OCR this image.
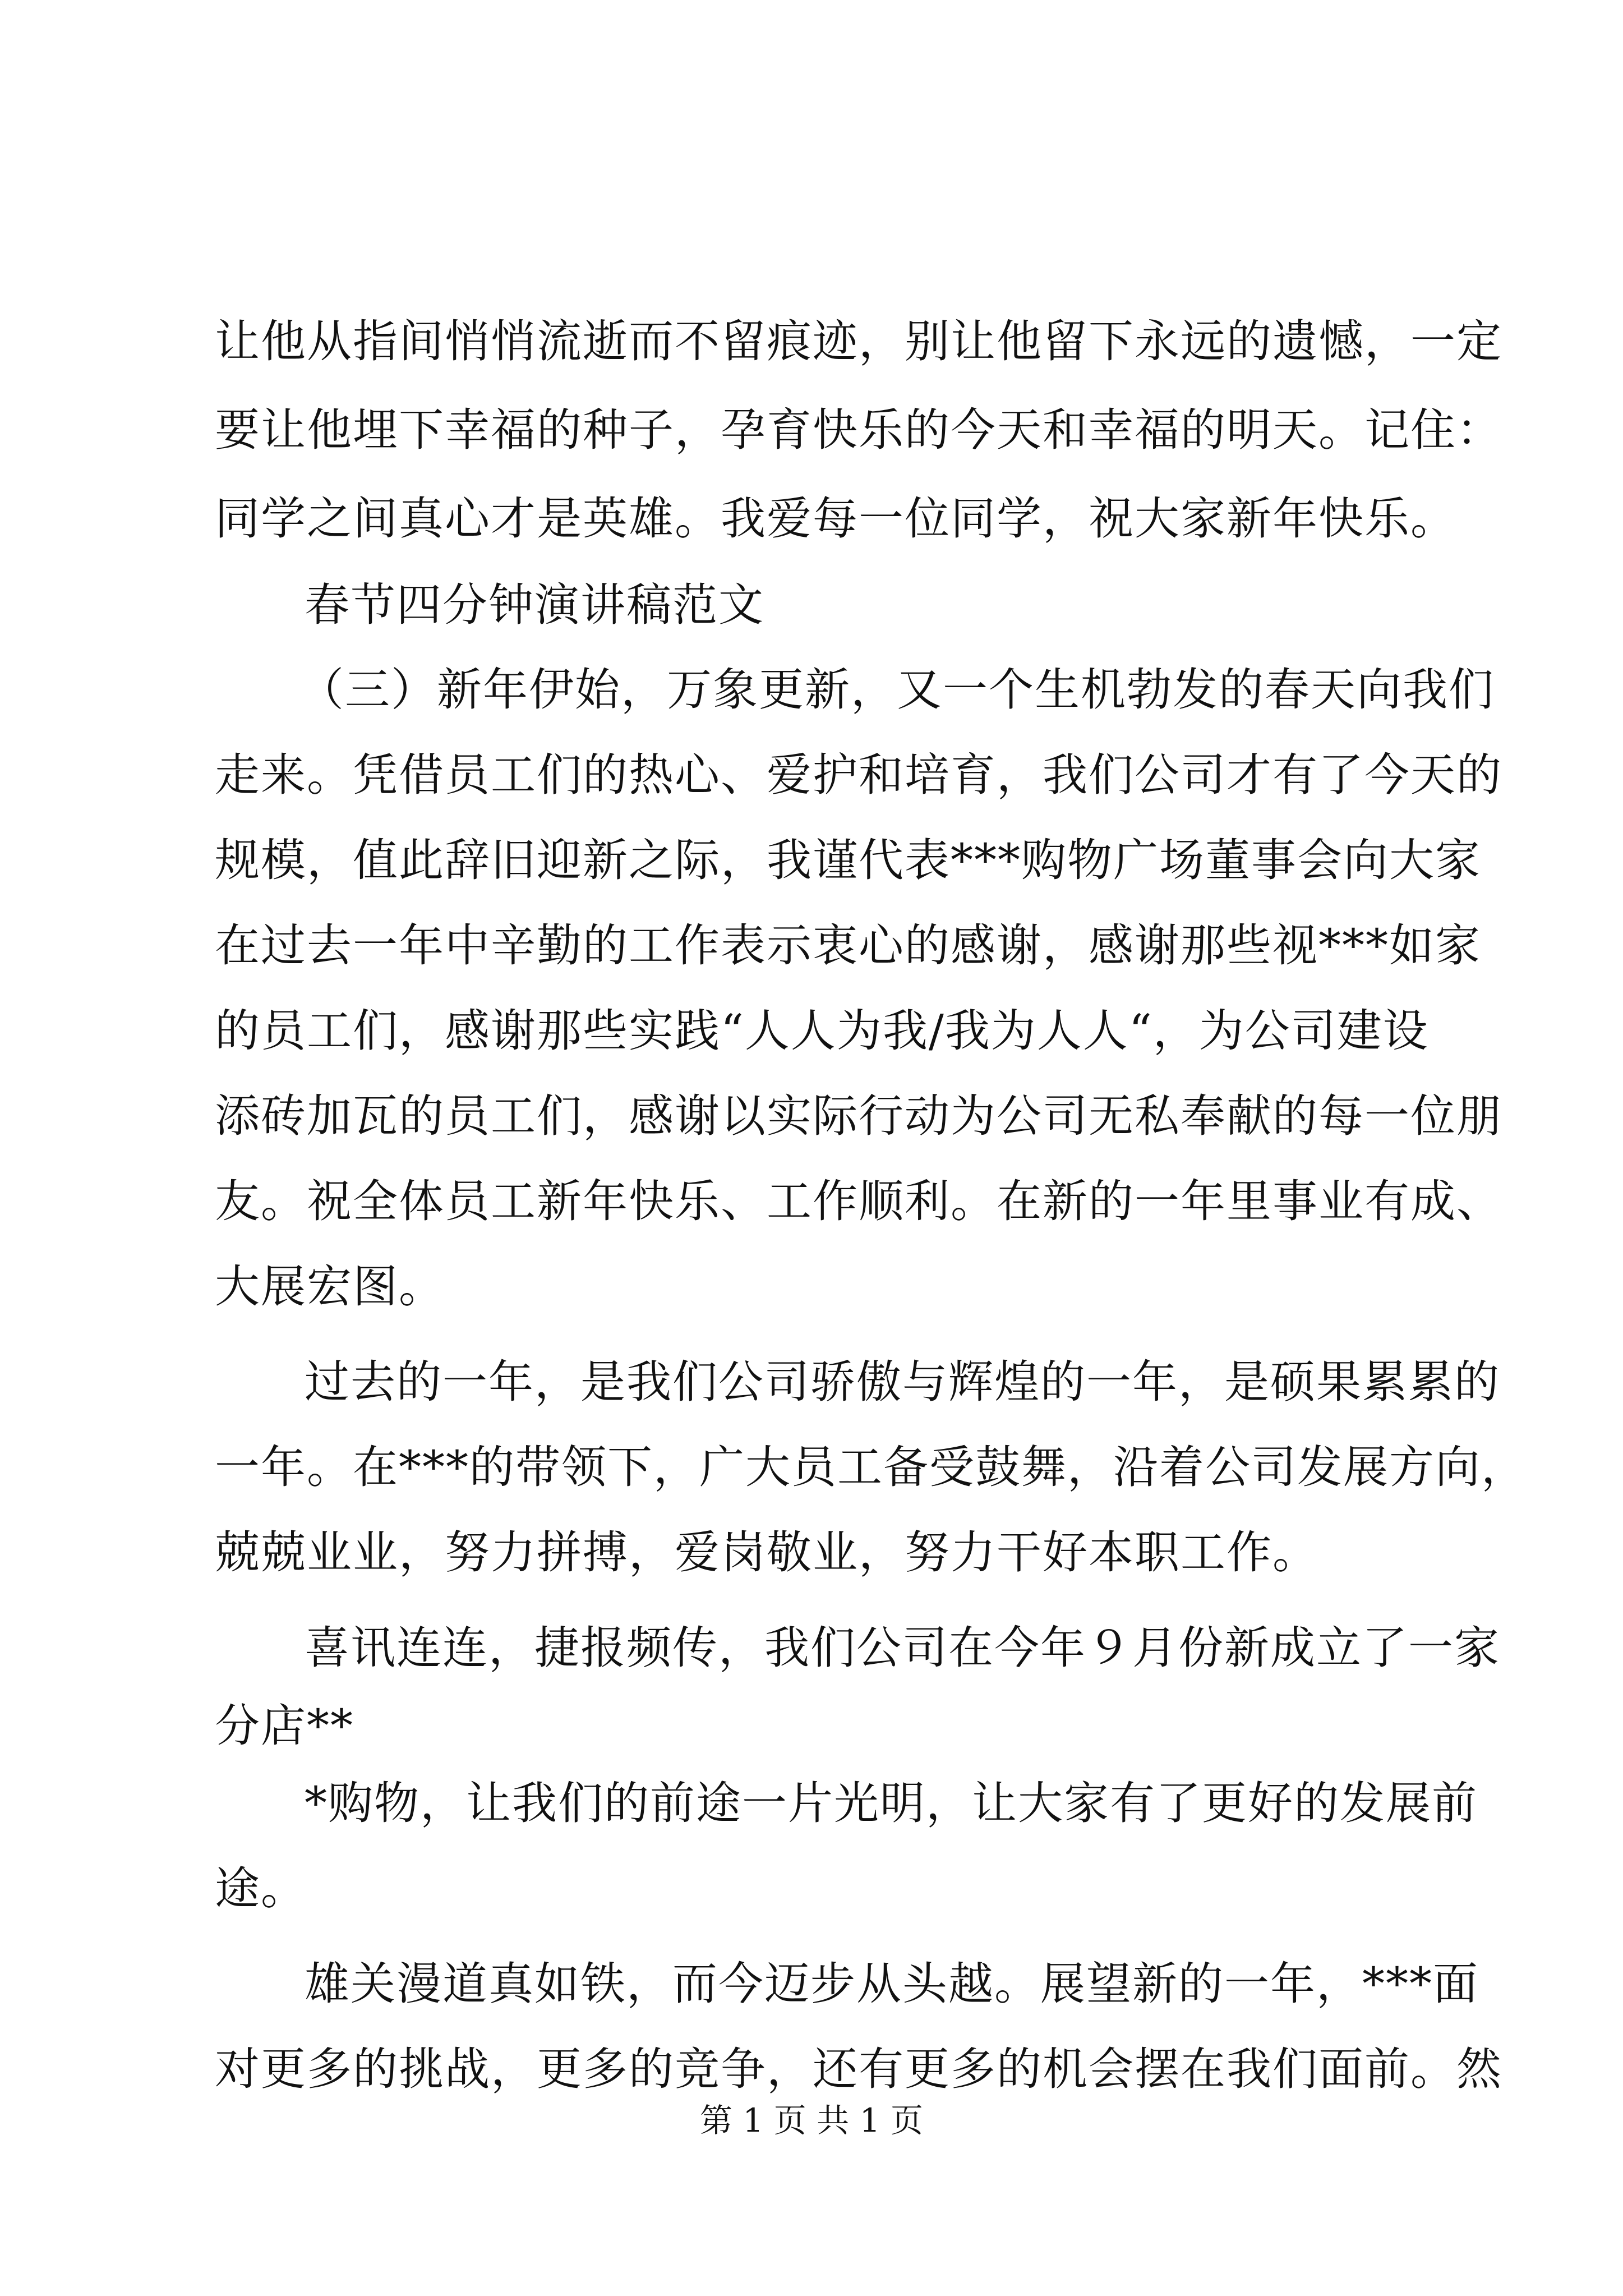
让他从指间悄悄流逝而不留痕迹，别让他留下永远的遗憾，一定
要让他埋下幸福的种子，孕育快乐的今天和幸福的明天。记住：
同学之间真心才是英雄。我爱每一位同学，祝大家新年快乐。
春节四分钟演讲稿范文
（三）新年伊始，万象更新，又一个生机勃发的春天向我们
走来。凭借员工们的热心、爱护和培育，我们公司才有了今天的
规模，值此辞旧迎新之际，我谨代表***购物广场董事会向大家
在过去一年中辛勤的工作表示衷心的感谢，感谢那些视***如家
的员工们，感谢那些实践“人人为我/我为人人“，为公司建设
添砖加瓦的员工们，感谢以实际行动为公司无私奉献的每一位朋
友。祝全体员工新年快乐、工作顺利。在新的一年里事业有成、
大展宏图。
过去的一年，是我们公司骄傲与辉煌的一年，是硕果累累的
一年。在***的带领下，广大员工备受鼓舞，沿着公司发展方向，
兢兢业业，努力拼搏，爱岗敬业，努力干好本职工作。
喜讯连连，捷报频传，我们公司在今年９月份新成立了一家
分店**
*购物，让我们的前途一片光明，让大家有了更好的发展前
途。
雄关漫道真如铁，而今迈步从头越。展望新的一年，***面
对更多的挑战，更多的竞争，还有更多的机会摆在我们面前。然
第 1 页 共 1 页
